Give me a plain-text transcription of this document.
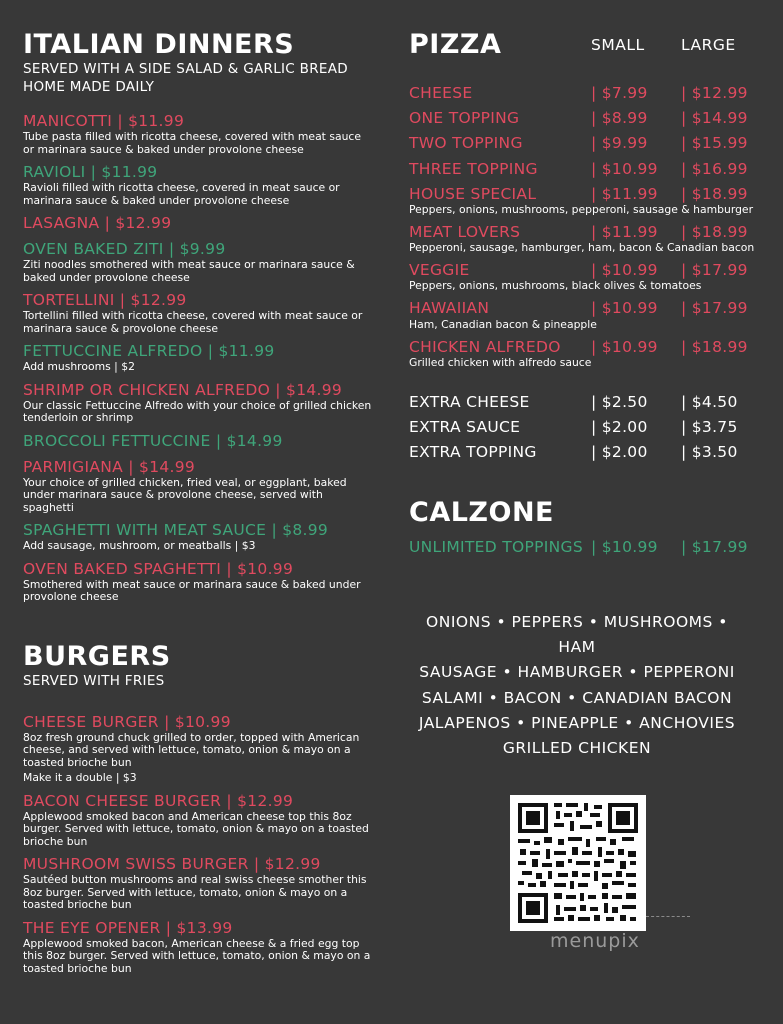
ITALIAN DINNERS
SERVED WITH A SIDE SALAD & GARLIC BREAD
HOME MADE DAILY
MANICOTTI | $11.99
Tube pasta filled with ricotta cheese, covered with meat sauce or marinara sauce & baked under provolone cheese
RAVIOLI | $11.99
Ravioli filled with ricotta cheese, covered in meat sauce or marinara sauce & baked under provolone cheese
LASAGNA | $12.99
OVEN BAKED ZITI | $9.99
Ziti noodles smothered with meat sauce or marinara sauce & baked under provolone cheese
TORTELLINI | $12.99
Tortellini filled with ricotta cheese, covered with meat sauce or marinara sauce & provolone cheese
FETTUCCINE ALFREDO | $11.99
Add mushrooms | $2
SHRIMP OR CHICKEN ALFREDO | $14.99
Our classic Fettuccine Alfredo with your choice of grilled chicken tenderloin or shrimp
BROCCOLI FETTUCCINE | $14.99
PARMIGIANA | $14.99
Your choice of grilled chicken, fried veal, or eggplant, baked under marinara sauce & provolone cheese, served with spaghetti
SPAGHETTI WITH MEAT SAUCE | $8.99
Add sausage, mushroom, or meatballs | $3
OVEN BAKED SPAGHETTI | $10.99
Smothered with meat sauce or marinara sauce & baked under provolone cheese
BURGERS
SERVED WITH FRIES
CHEESE BURGER | $10.99
8oz fresh ground chuck grilled to order, topped with American cheese, and served with lettuce, tomato, onion & mayo on a toasted brioche bun
Make it a double | $3
BACON CHEESE BURGER | $12.99
Applewood smoked bacon and American cheese top this 8oz burger. Served with lettuce, tomato, onion & mayo on a toasted brioche bun
MUSHROOM SWISS BURGER | $12.99
Sautéed button mushrooms and real swiss cheese smother this 8oz burger. Served with lettuce, tomato, onion & mayo on a toasted brioche bun
THE EYE OPENER | $13.99
Applewood smoked bacon, American cheese & a fried egg top this 8oz burger. Served with lettuce, tomato, onion & mayo on a toasted brioche bun
PIZZA	SMALL LARGE
CHEESE	| $7.99 | $12.99
ONE TOPPING	| $8.99 | $14.99
TWO TOPPING	| $9.99 | $15.99
THREE TOPPING	| $10.99 | $16.99
HOUSE SPECIAL	| $11.99 | $18.99
Peppers, onions, mushrooms, pepperoni, sausage & hamburger
MEAT LOVERS	| $11.99 | $18.99
Pepperoni, sausage, hamburger, ham, bacon & Canadian bacon
VEGGIE	| $10.99 | $17.99
Peppers, onions, mushrooms, black olives & tomatoes
HAWAIIAN	| $10.99 | $17.99
Ham, Canadian bacon & pineapple
CHICKEN ALFREDO | $10.99 | $18.99
Grilled chicken with alfredo sauce
EXTRA CHEESE	| $2.50 | $4.50
EXTRA SAUCE	| $2.00 | $3.75
EXTRA TOPPING	| $2.00 | $3.50
CALZONE
UNLIMITED TOPPINGS | $10.99 | $17.99
ONIONS • PEPPERS • MUSHROOMS • HAM
SAUSAGE • HAMBURGER • PEPPERONI
SALAMI • BACON • CANADIAN BACON
JALAPENOS • PINEAPPLE • ANCHOVIES
GRILLED CHICKEN
menupix
